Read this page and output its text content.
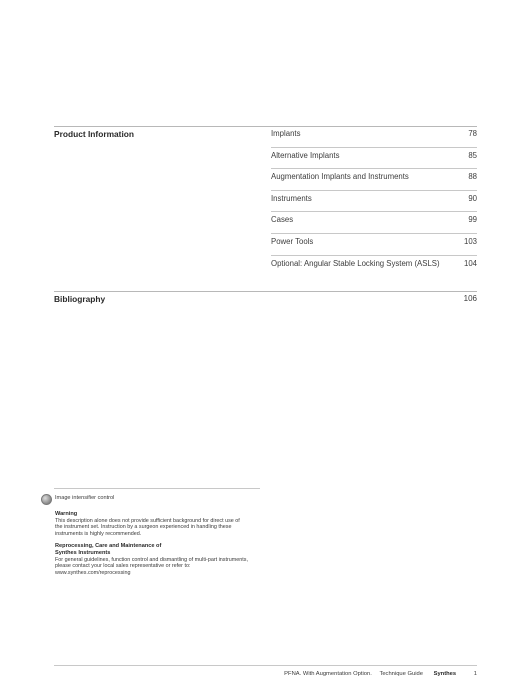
Product Information	Implants	78
Alternative Implants	85
Augmentation Implants and Instruments	88
Instruments	90
Cases	99
Power Tools	103
Optional: Angular Stable Locking System (ASLS)	104
Bibliography	106
Image intensifier control
Warning
This description alone does not provide sufficient background for direct use of
the instrument set. Instruction by a surgeon experienced in handling these
instruments is highly recommended.
Reprocessing, Care and Maintenance of
Synthes Instruments
For general guidelines, function control and dismantling of multi-part instruments,
please contact your local sales representative or refer to:
www.synthes.com/reprocessing
PFNA. With Augmentation Option. Technique Guide Synthes	1
